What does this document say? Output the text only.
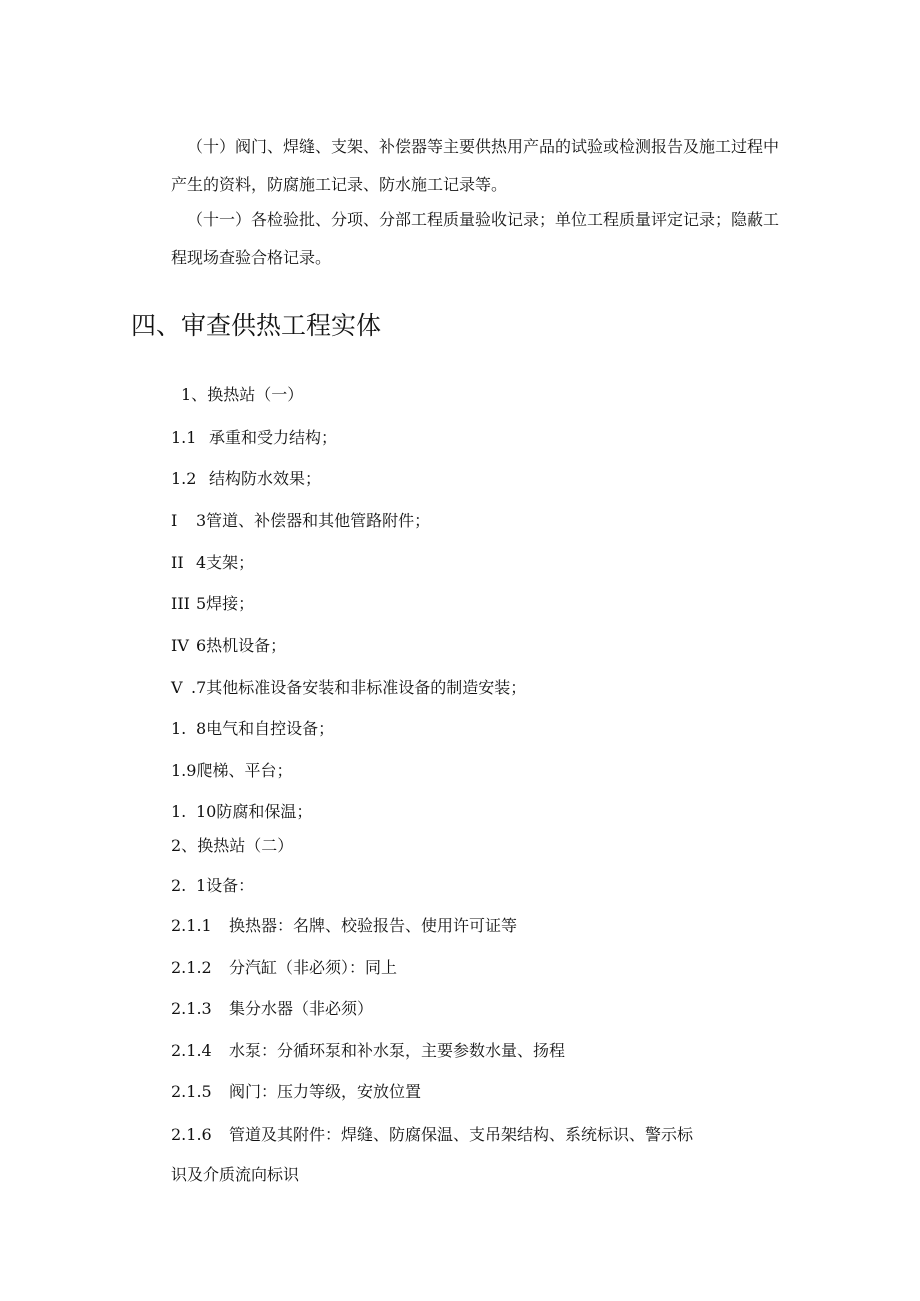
（十）阀门、焊缝、支架、补偿器等主要供热用产品的试验或检测报告及施工过程中产生的资料，防腐施工记录、防水施工记录等。
（十一）各检验批、分项、分部工程质量验收记录；单位工程质量评定记录；隐蔽工程现场查验合格记录。
四、审查供热工程实体
1、换热站（一）
1.1 承重和受力结构；
1.2 结构防水效果；
I 3管道、补偿器和其他管路附件；
II 4支架；
III 5焊接；
IV 6热机设备；
V .7其他标准设备安装和非标准设备的制造安装；
1. 8电气和自控设备；
1.9爬梯、平台；
1. 10防腐和保温；
2、换热站（二）
2. 1设备：
2.1.1 换热器：名牌、校验报告、使用许可证等
2.1.2 分汽缸（非必须）：同上
2.1.3 集分水器（非必须）
2.1.4 水泵：分循环泵和补水泵，主要参数水量、扬程
2.1.5 阀门：压力等级，安放位置
2.1.6 管道及其附件：焊缝、防腐保温、支吊架结构、系统标识、警示标
识及介质流向标识
